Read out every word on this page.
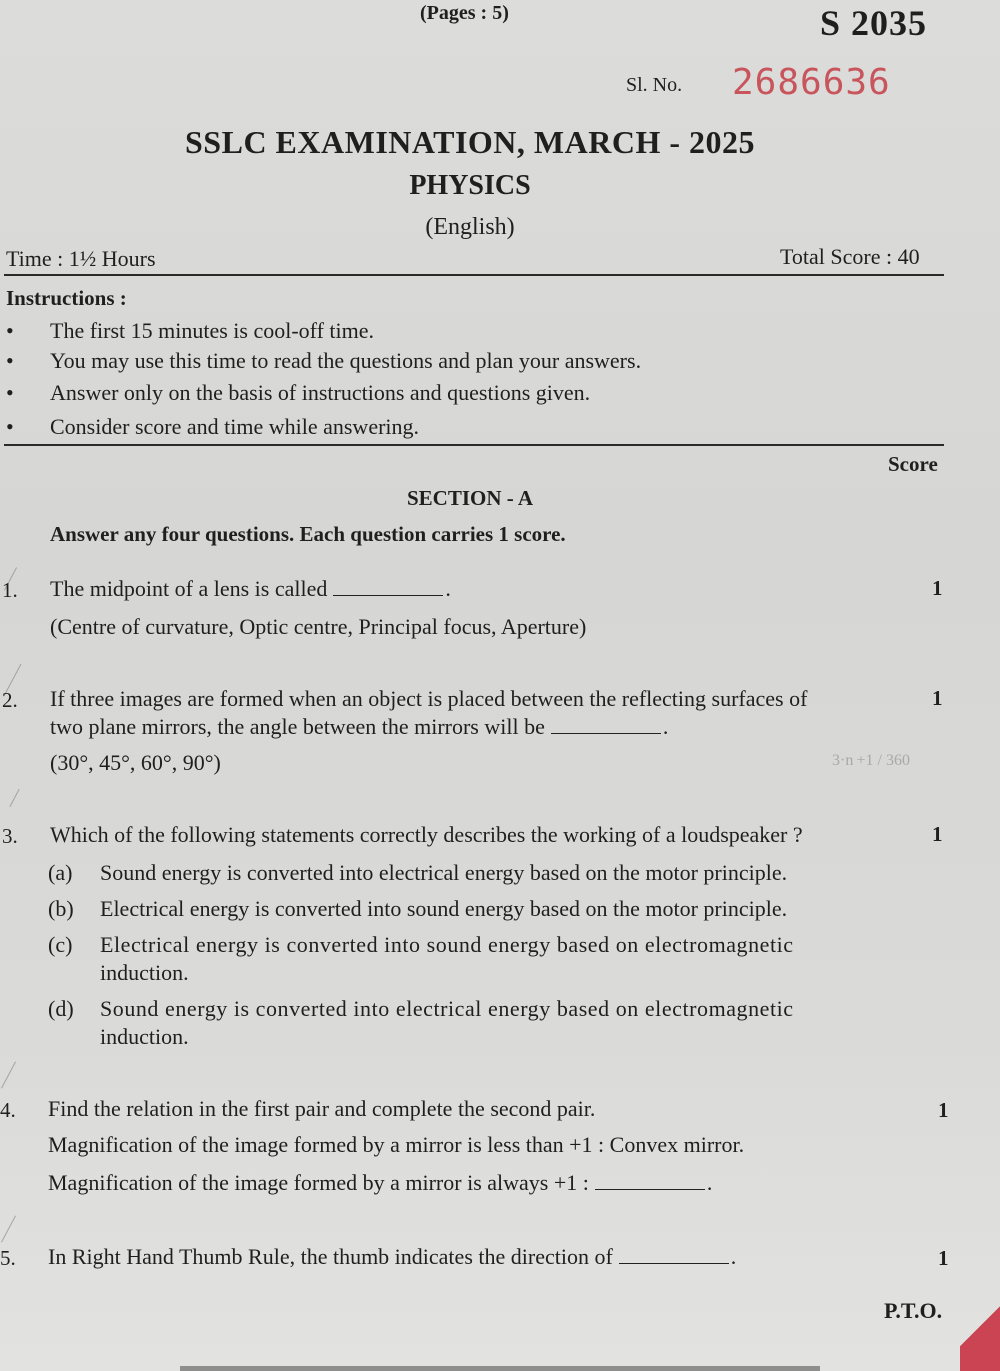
(Pages : 5)	S 2035
Sl. No. 2686636
SSLC EXAMINATION, MARCH - 2025
PHYSICS
(English)
Time : 1½ Hours	Total Score : 40
Instructions :
• The first 15 minutes is cool-off time.
• You may use this time to read the questions and plan your answers.
• Answer only on the basis of instructions and questions given.
• Consider score and time while answering.
Score
SECTION - A
Answer any four questions. Each question carries 1 score.
1. The midpoint of a lens is called	.	1
(Centre of curvature, Optic centre, Principal focus, Aperture)
2. If three images are formed when an object is placed between the reflecting surfaces of
two plane mirrors, the angle between the mirrors will be	.
1
(30°, 45°, 60°, 90°)	3·n +1 / 360
3. Which of the following statements correctly describes the working of a loudspeaker ?	1
(a) Sound energy is converted into electrical energy based on the motor principle.
(b) Electrical energy is converted into sound energy based on the motor principle.
(c) Electrical energy is converted into sound energy based on electromagnetic
induction.
(d) Sound energy is converted into electrical energy based on electromagnetic
induction.
4. Find the relation in the first pair and complete the second pair.	1
Magnification of the image formed by a mirror is less than +1 : Convex mirror.
Magnification of the image formed by a mirror is always +1 :	.
5. In Right Hand Thumb Rule, the thumb indicates the direction of	.	1
P.T.O.
